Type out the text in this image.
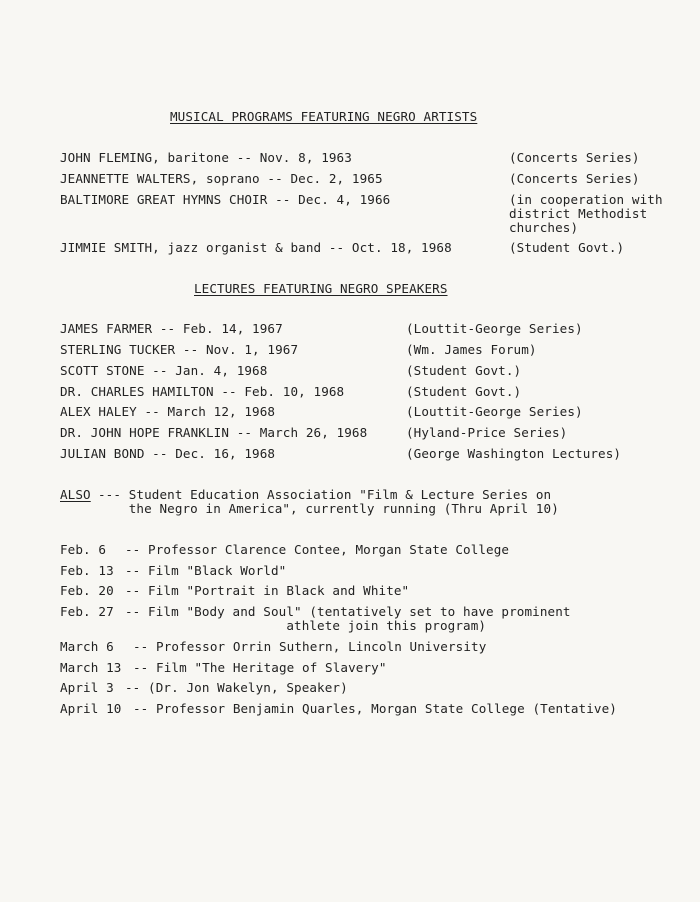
MUSICAL PROGRAMS FEATURING NEGRO ARTISTS
JOHN FLEMING, baritone -- Nov. 8, 1963	(Concerts Series)
JEANNETTE WALTERS, soprano -- Dec. 2, 1965	(Concerts Series)
BALTIMORE GREAT HYMNS CHOIR -- Dec. 4, 1966	(in cooperation with
district Methodist
churches)
JIMMIE SMITH, jazz organist & band -- Oct. 18, 1968	(Student Govt.)
LECTURES FEATURING NEGRO SPEAKERS
JAMES FARMER -- Feb. 14, 1967	(Louttit-George Series)
STERLING TUCKER -- Nov. 1, 1967	(Wm. James Forum)
SCOTT STONE -- Jan. 4, 1968	(Student Govt.)
DR. CHARLES HAMILTON -- Feb. 10, 1968	(Student Govt.)
ALEX HALEY -- March 12, 1968	(Louttit-George Series)
DR. JOHN HOPE FRANKLIN -- March 26, 1968	(Hyland-Price Series)
JULIAN BOND -- Dec. 16, 1968	(George Washington Lectures)
ALSO --- Student Education Association "Film & Lecture Series on
the Negro in America", currently running (Thru April 10)
Feb. 6 -- Professor Clarence Contee, Morgan State College
Feb. 13 -- Film "Black World"
Feb. 20 -- Film "Portrait in Black and White"
Feb. 27 -- Film "Body and Soul" (tentatively set to have prominent
athlete join this program)
March 6 -- Professor Orrin Suthern, Lincoln University
March 13 -- Film "The Heritage of Slavery"
April 3 -- (Dr. Jon Wakelyn, Speaker)
April 10 -- Professor Benjamin Quarles, Morgan State College (Tentative)
